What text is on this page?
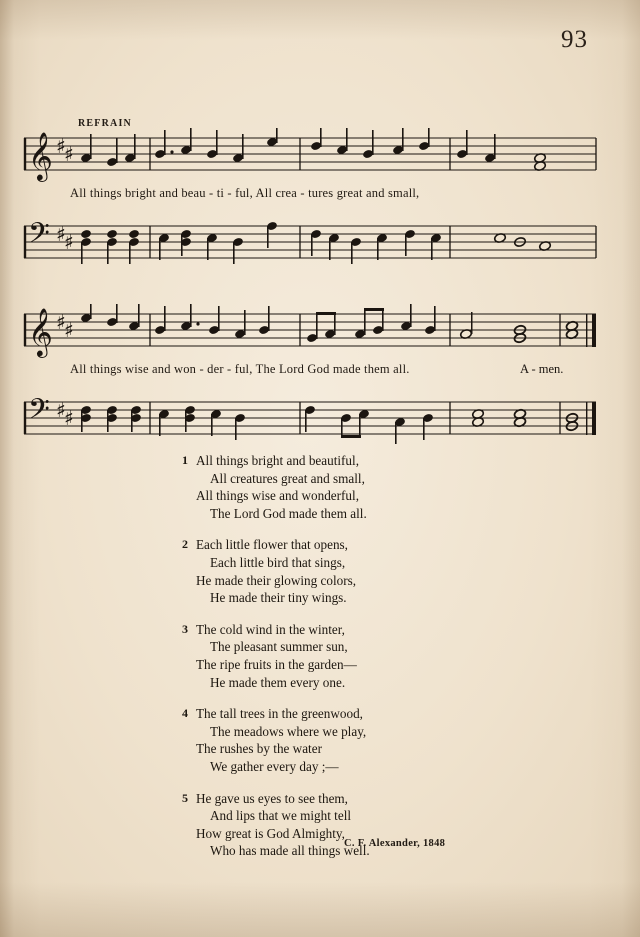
93
REFRAIN
𝄞
𝄢
♯
♯
♯
♯
All things bright and beau - ti - ful, All crea - tures great and small,
𝄞
𝄢
♯
♯
♯
♯
All things wise and won - der - ful, The Lord God made them all.	A - men.
1 All things bright and beautiful,
All creatures great and small,
All things wise and wonderful,
The Lord God made them all.
2 Each little flower that opens,
Each little bird that sings,
He made their glowing colors,
He made their tiny wings.
3 The cold wind in the winter,
The pleasant summer sun,
The ripe fruits in the garden—
He made them every one.
4 The tall trees in the greenwood,
The meadows where we play,
The rushes by the water
We gather every day ;—
5 He gave us eyes to see them,
And lips that we might tell
How great is God Almighty,
Who has made all things well.
C. F. Alexander, 1848
